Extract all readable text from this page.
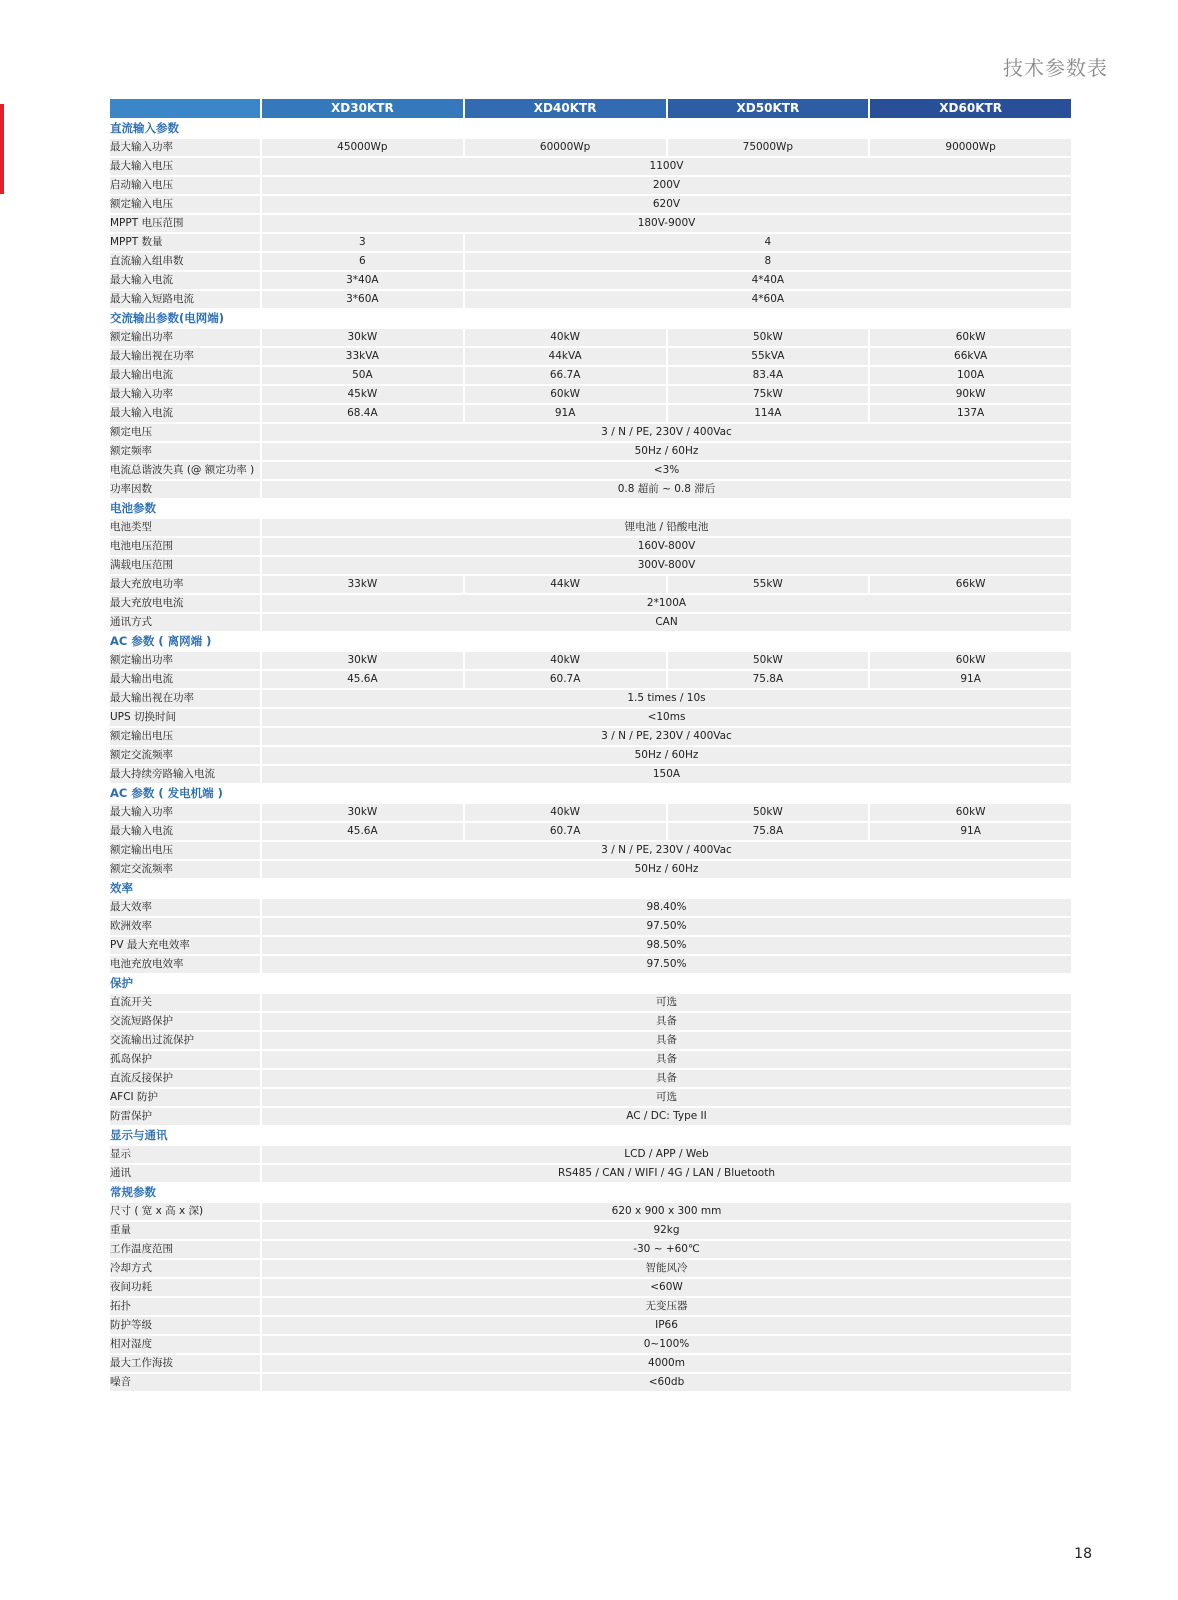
技术参数表
	XD30KTR	XD40KTR	XD50KTR	XD60KTR
直流输入参数				
最大输入功率	45000Wp	60000Wp	75000Wp	90000Wp
最大输入电压	1100V			
启动输入电压	200V			
额定输入电压	620V			
MPPT 电压范围	180V-900V			
MPPT 数量	3	4		
直流输入组串数	6	8		
最大输入电流	3*40A	4*40A		
最大输入短路电流	3*60A	4*60A		
交流输出参数(电网端)				
额定输出功率	30kW	40kW	50kW	60kW
最大输出视在功率	33kVA	44kVA	55kVA	66kVA
最大输出电流	50A	66.7A	83.4A	100A
最大输入功率	45kW	60kW	75kW	90kW
最大输入电流	68.4A	91A	114A	137A
额定电压	3 / N / PE, 230V / 400Vac			
额定频率	50Hz / 60Hz			
电流总谐波失真 (@ 额定功率 )	<3%			
功率因数	0.8 超前 ~ 0.8 滞后			
电池参数				
电池类型	锂电池 / 铅酸电池			
电池电压范围	160V-800V			
满载电压范围	300V-800V			
最大充放电功率	33kW	44kW	55kW	66kW
最大充放电电流	2*100A			
通讯方式	CAN			
AC 参数 ( 离网端 )				
额定输出功率	30kW	40kW	50kW	60kW
最大输出电流	45.6A	60.7A	75.8A	91A
最大输出视在功率	1.5 times / 10s			
UPS 切换时间	<10ms			
额定输出电压	3 / N / PE, 230V / 400Vac			
额定交流频率	50Hz / 60Hz			
最大持续旁路输入电流	150A			
AC 参数 ( 发电机端 )				
最大输入功率	30kW	40kW	50kW	60kW
最大输入电流	45.6A	60.7A	75.8A	91A
额定输出电压	3 / N / PE, 230V / 400Vac			
额定交流频率	50Hz / 60Hz			
效率				
最大效率	98.40%			
欧洲效率	97.50%			
PV 最大充电效率	98.50%			
电池充放电效率	97.50%			
保护				
直流开关	可选			
交流短路保护	具备			
交流输出过流保护	具备			
孤岛保护	具备			
直流反接保护	具备			
AFCI 防护	可选			
防雷保护	AC / DC: Type II			
显示与通讯				
显示	LCD / APP / Web			
通讯	RS485 / CAN / WIFI / 4G / LAN / Bluetooth			
常规参数				
尺寸 ( 宽 x 高 x 深)	620 x 900 x 300 mm			
重量	92kg			
工作温度范围	-30 ~ +60℃			
冷却方式	智能风冷			
夜间功耗	<60W			
拓扑	无变压器			
防护等级	IP66			
相对湿度	0~100%			
最大工作海拔	4000m			
噪音	<60db			
18
